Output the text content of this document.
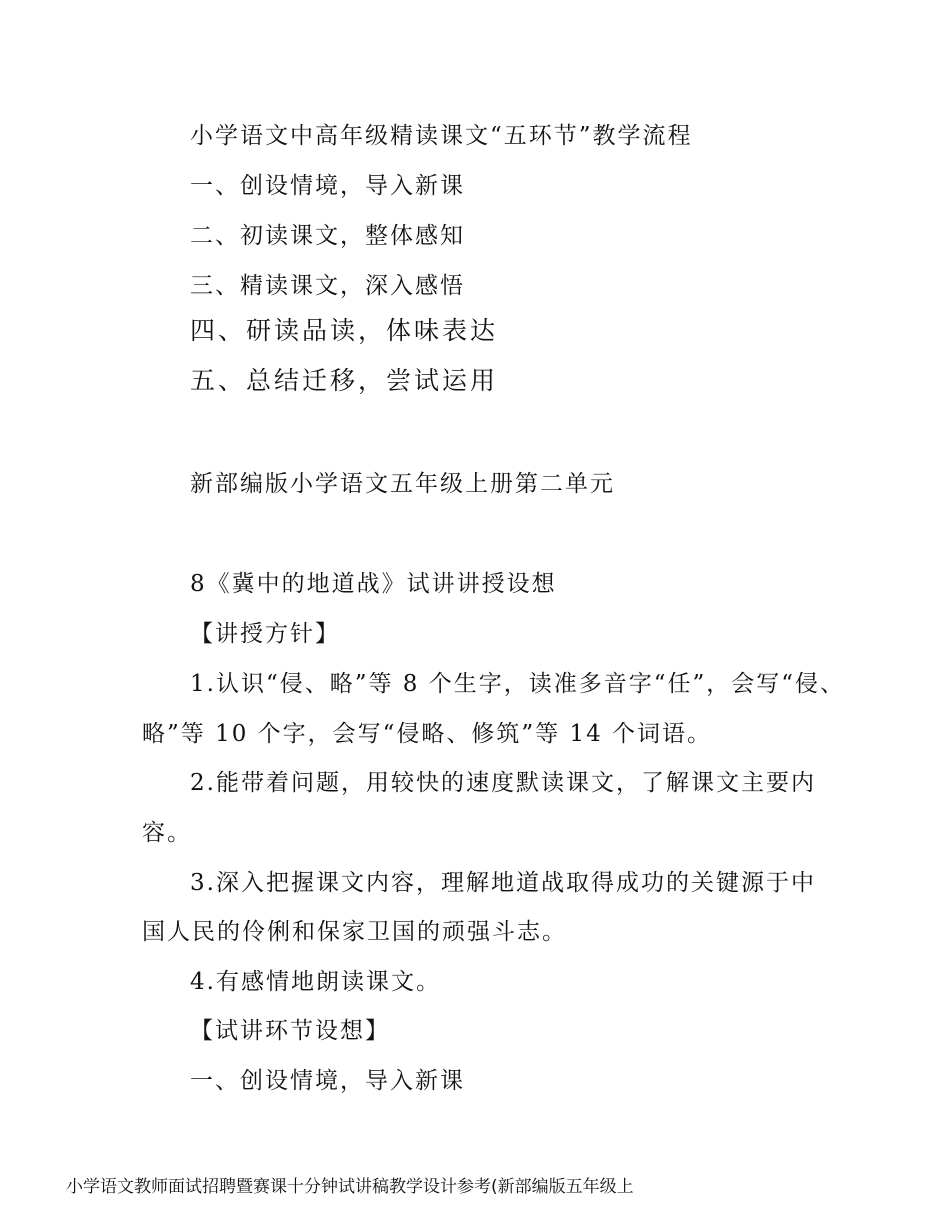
小学语文中高年级精读课文“五环节”教学流程
一、创设情境，导入新课
二、初读课文，整体感知
三、精读课文，深入感悟
四、研读品读，体味表达
五、总结迁移，尝试运用
新部编版小学语文五年级上册第二单元
8《冀中的地道战》试讲讲授设想
【讲授方针】
1.认识“侵、略”等 8 个生字，读准多音字“任”，会写“侵、
略”等 10 个字，会写“侵略、修筑”等 14 个词语。
2.能带着问题，用较快的速度默读课文，了解课文主要内
容。
3.深入把握课文内容，理解地道战取得成功的关键源于中
国人民的伶俐和保家卫国的顽强斗志。
4.有感情地朗读课文。
【试讲环节设想】
一、创设情境，导入新课
小学语文教师面试招聘暨赛课十分钟试讲稿教学设计参考(新部编版五年级上
